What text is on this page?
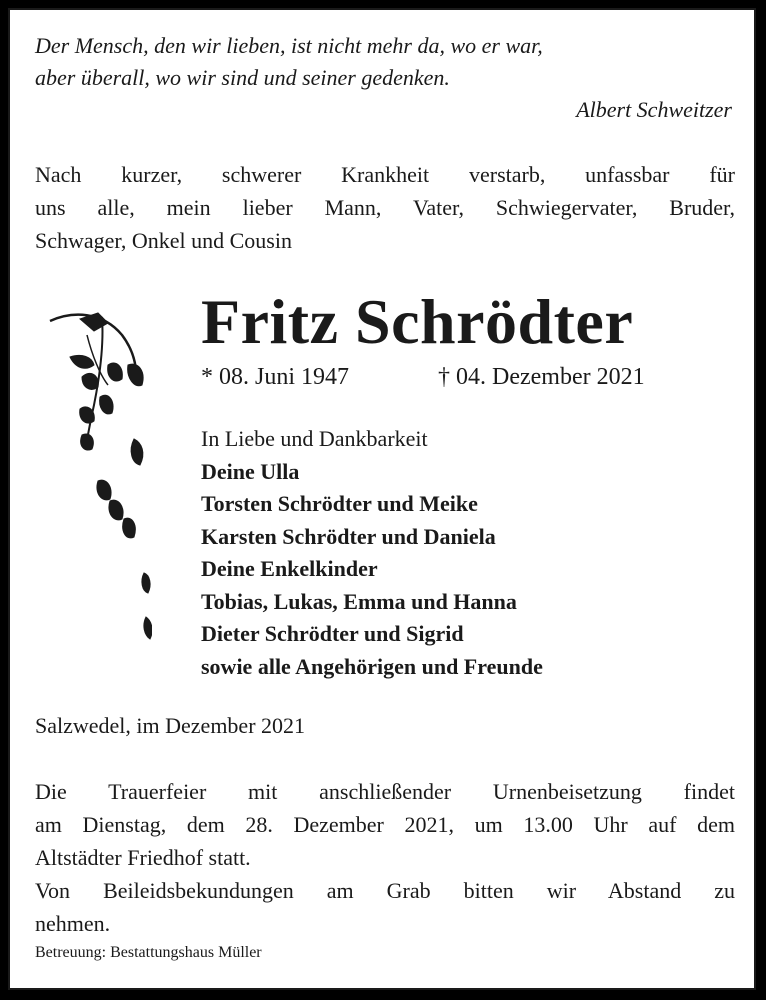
Der Mensch, den wir lieben, ist nicht mehr da, wo er war,

aber überall, wo wir sind und seiner gedenken.

Albert Schweitzer

Nach kurzer, schwerer Krankheit verstarb, unfassbar für
uns alle, mein lieber Mann, Vater, Schwiegervater, Bruder,
Schwager, Onkel und Cousin
Fritz Schrödter

* 08. Juni 1947	† 04. Dezember 2021

In Liebe und Dankbarkeit
Deine Ulla
Torsten Schrödter und Meike
Karsten Schrödter und Daniela
Deine Enkelkinder
Tobias, Lukas, Emma und Hanna
Dieter Schrödter und Sigrid
sowie alle Angehörigen und Freunde

Salzwedel, im Dezember 2021

Die Trauerfeier mit anschließender Urnenbeisetzung findet
am Dienstag, dem 28. Dezember 2021, um 13.00 Uhr auf dem
Altstädter Friedhof statt.
Von Beileidsbekundungen am Grab bitten wir Abstand zu
nehmen.

Betreuung: Bestattungshaus Müller
